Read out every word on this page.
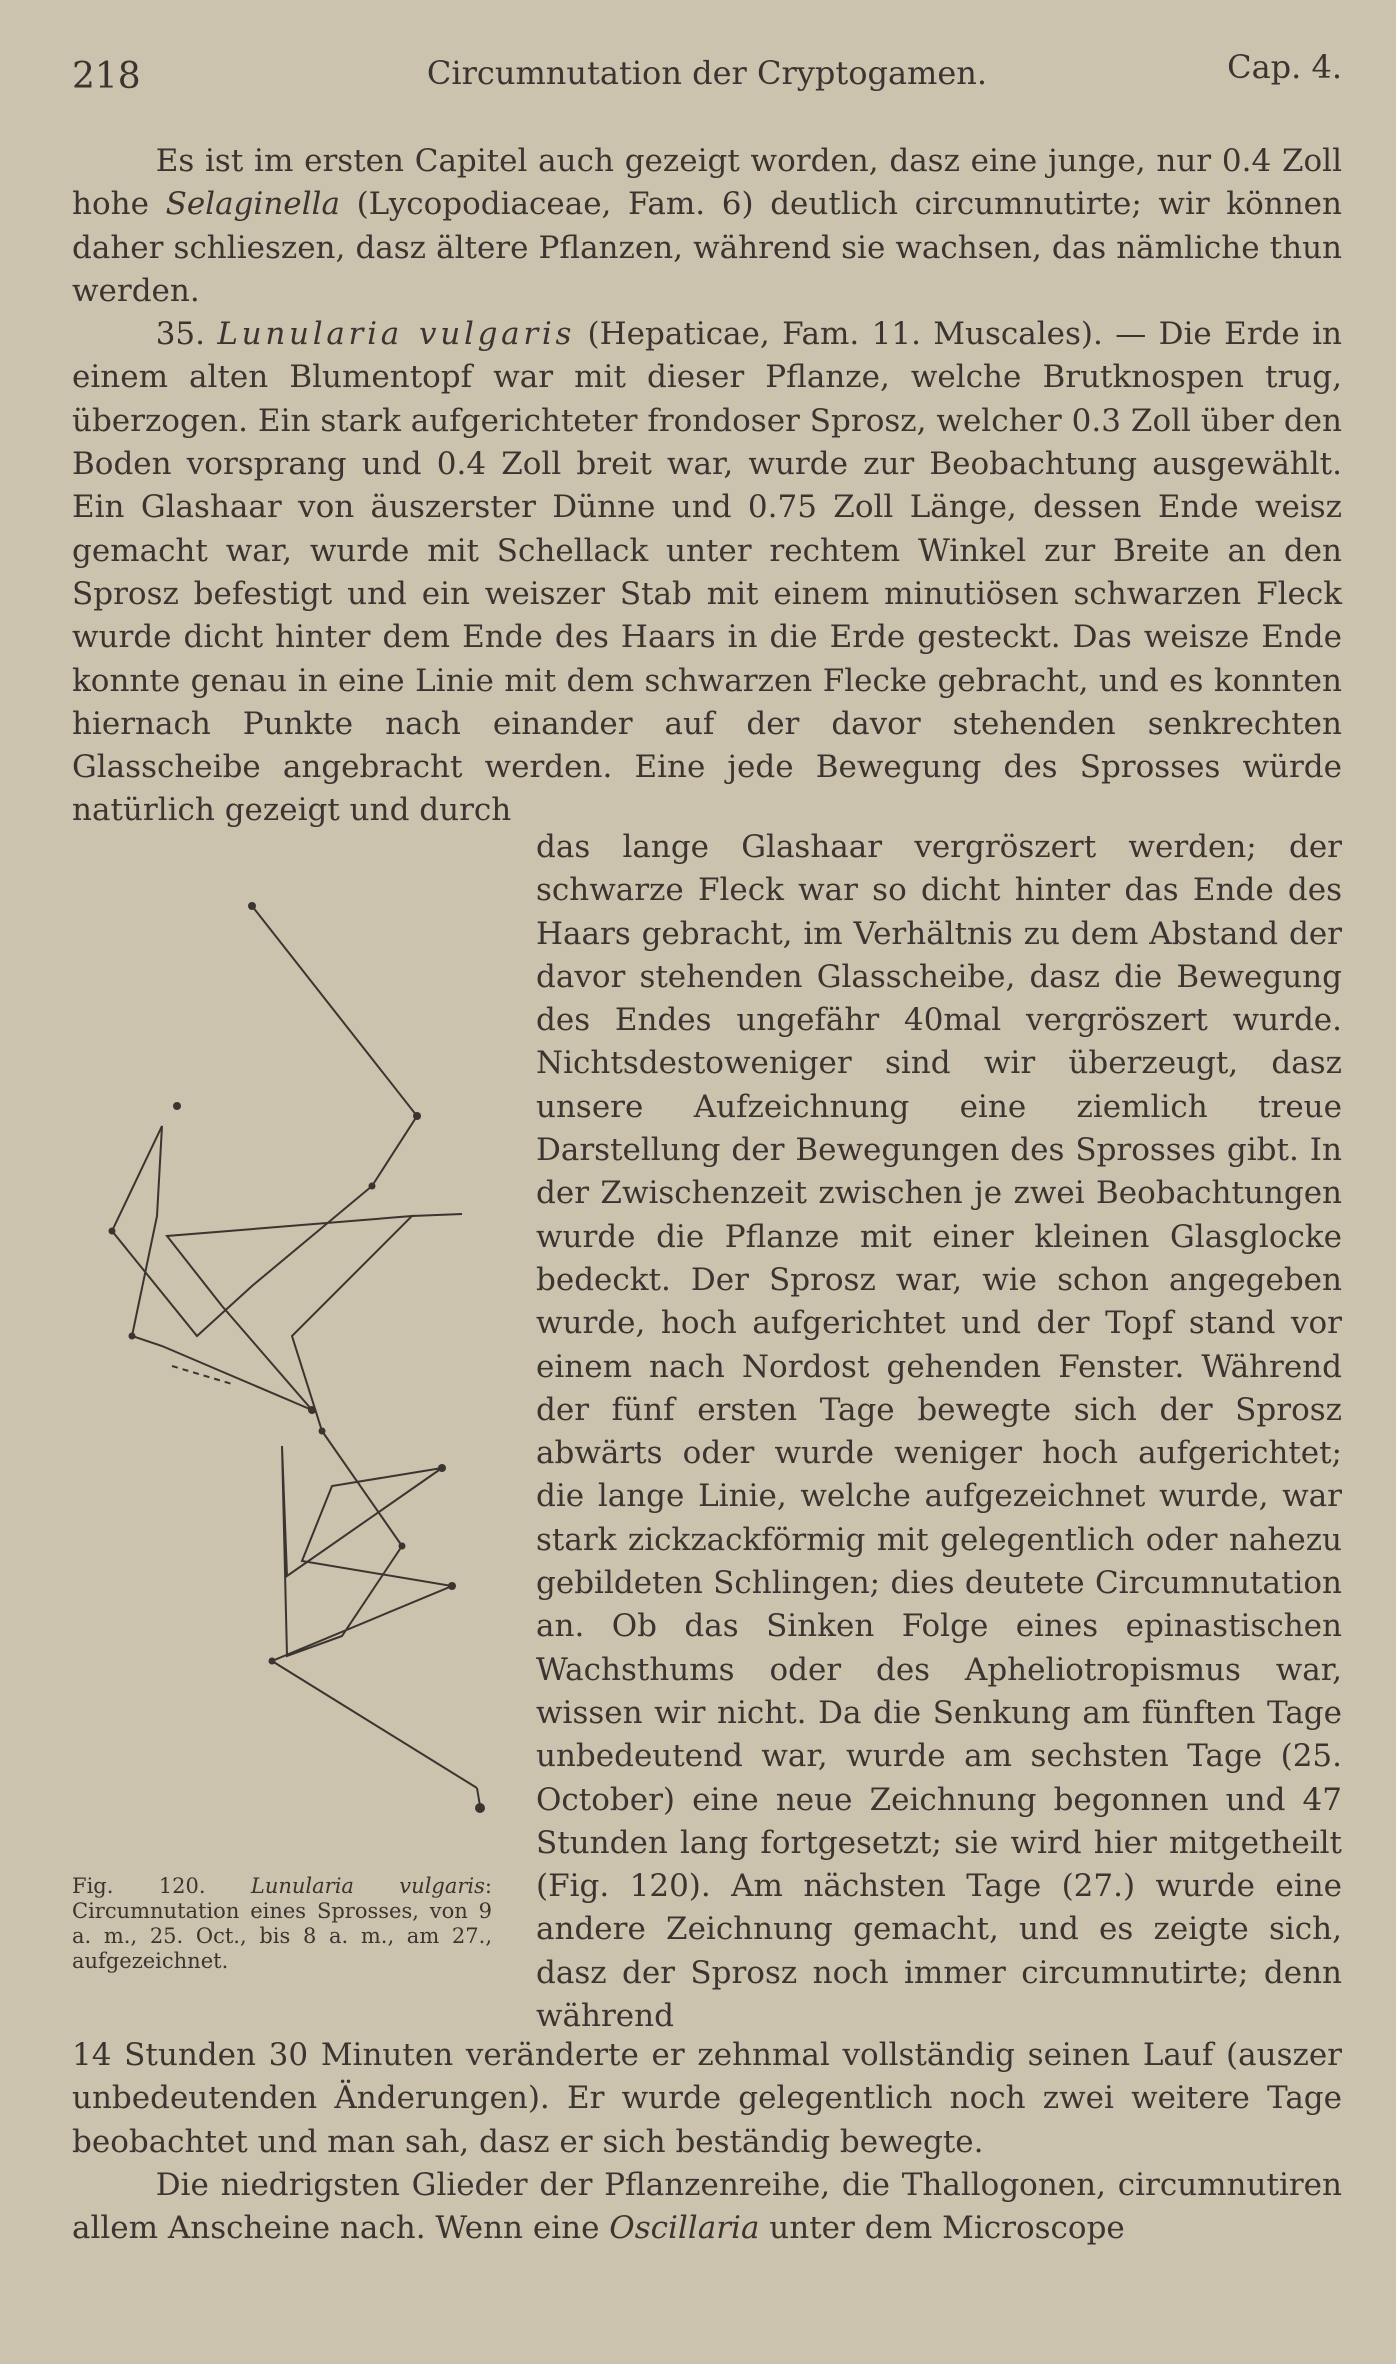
218	Circumnutation der Cryptogamen.	Cap. 4.

Es ist im ersten Capitel auch gezeigt worden, dasz eine junge, nur 0.4 Zoll hohe Selaginella (Lycopodiaceae, Fam. 6) deutlich circumnutirte; wir können daher schlieszen, dasz ältere Pflanzen, während sie wachsen, das nämliche thun werden.

35. Lunularia vulgaris (Hepaticae, Fam. 11. Muscales). — Die Erde in einem alten Blumentopf war mit dieser Pflanze, welche Brutknospen trug, überzogen. Ein stark aufgerichteter frondoser Sprosz, welcher 0.3 Zoll über den Boden vorsprang und 0.4 Zoll breit war, wurde zur Beobachtung ausgewählt. Ein Glashaar von äuszerster Dünne und 0.75 Zoll Länge, dessen Ende weisz gemacht war, wurde mit Schellack unter rechtem Winkel zur Breite an den Sprosz befestigt und ein weiszer Stab mit einem minutiösen schwarzen Fleck wurde dicht hinter dem Ende des Haars in die Erde gesteckt. Das weisze Ende konnte genau in eine Linie mit dem schwarzen Flecke gebracht, und es konnten hiernach Punkte nach einander auf der davor stehenden senkrechten Glasscheibe angebracht werden. Eine jede Bewegung des Sprosses würde natürlich gezeigt und durch

das lange Glashaar vergröszert werden; der schwarze Fleck war so dicht hinter das Ende des Haars gebracht, im Verhältnis zu dem Abstand der davor stehenden Glasscheibe, dasz die Bewegung des Endes ungefähr 40mal vergröszert wurde. Nichtsdestoweniger sind wir überzeugt, dasz unsere Aufzeichnung eine ziemlich treue Darstellung der Bewegungen des Sprosses gibt. In der Zwischenzeit zwischen je zwei Beobachtungen wurde die Pflanze mit einer kleinen Glasglocke bedeckt. Der Sprosz war, wie schon angegeben wurde, hoch aufgerichtet und der Topf stand vor einem nach Nordost gehenden Fenster. Während der fünf ersten Tage bewegte sich der Sprosz abwärts oder wurde weniger hoch aufgerichtet; die lange Linie, welche aufgezeichnet wurde, war stark zickzackförmig mit gelegentlich oder nahezu gebildeten Schlingen; dies deutete Circumnutation an. Ob das Sinken Folge eines epinastischen Wachsthums oder des Apheliotropismus war, wissen wir nicht. Da die Senkung am fünften Tage unbedeutend war, wurde am sechsten Tage (25. October) eine neue Zeichnung begonnen und 47 Stunden lang fortgesetzt; sie wird hier mitgetheilt (Fig. 120). Am nächsten Tage (27.) wurde eine andere Zeichnung gemacht, und es zeigte sich, dasz der Sprosz noch immer circumnutirte; denn während

Fig. 120. Lunularia vulgaris: Circumnutation eines Sprosses, von 9 a. m., 25. Oct., bis 8 a. m., am 27., aufgezeichnet.

14 Stunden 30 Minuten veränderte er zehnmal vollständig seinen Lauf (auszer unbedeutenden Änderungen). Er wurde gelegentlich noch zwei weitere Tage beobachtet und man sah, dasz er sich beständig bewegte.

Die niedrigsten Glieder der Pflanzenreihe, die Thallogonen, circumnutiren allem Anscheine nach. Wenn eine Oscillaria unter dem Microscope
